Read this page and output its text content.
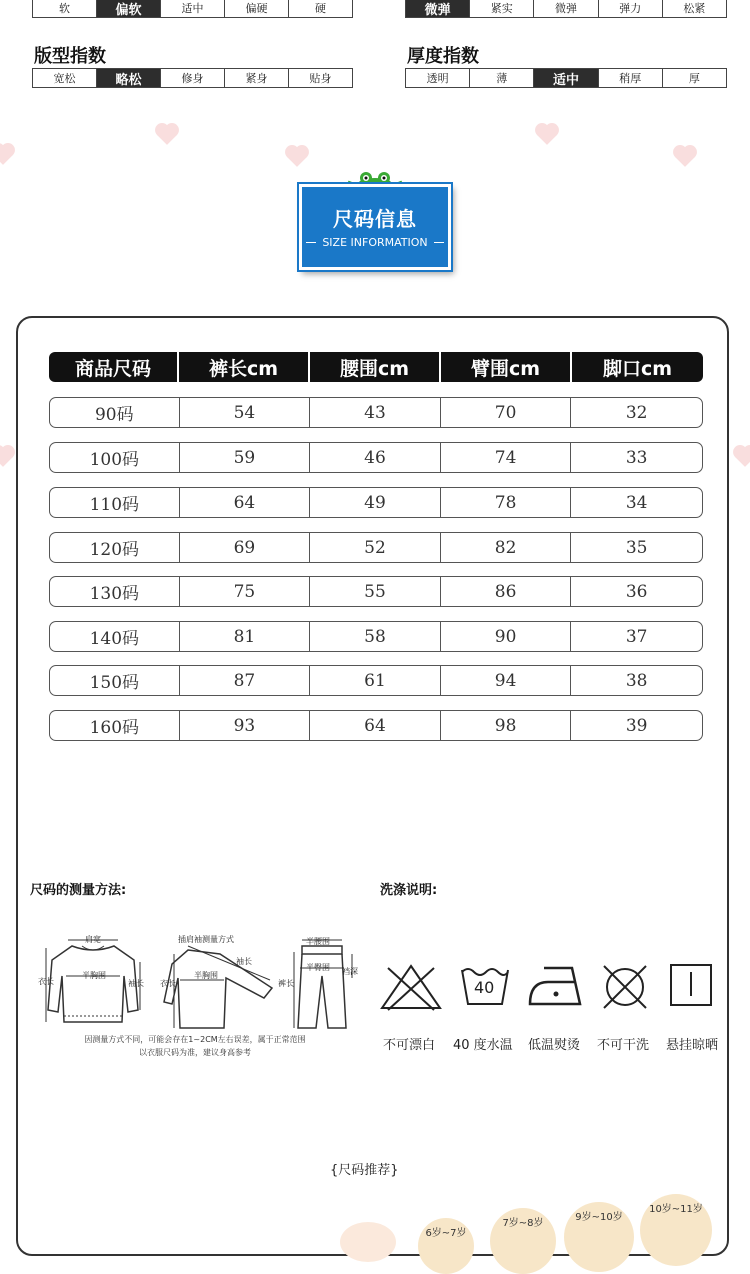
软	偏软	适中	偏硬	硬	微弹	紧实	微弹	弹力	松紧
版型指数
宽松	略松	修身	紧身	贴身
厚度指数
透明	薄	适中	稍厚	厚
尺码信息
SIZE INFORMATION
商品尺码	裤长cm	腰围cm	臂围cm	脚口cm
90码	54	43	70	32
100码	59	46	74	33
110码	64	49	78	34
120码	69	52	82	35
130码	75	55	86	36
140码	81	58	90	37
150码	87	61	94	38
160码	93	64	98	39
尺码的测量方法:	洗涤说明:
肩宽
半胸围
衣长	袖长
插肩袖测量方式
袖长
衣长
半胸围
半腰围
半臀围
裤长
裆深
因测量方式不同，可能会存在1~2CM左右误差，属于正常范围
以衣服尺码为准，建议身高参考
40
不可漂白 40 度水温 低温熨烫 不可干洗 悬挂晾晒
{尺码推荐}
6岁~7岁
7岁~8岁
9岁~10岁
10岁~11岁
